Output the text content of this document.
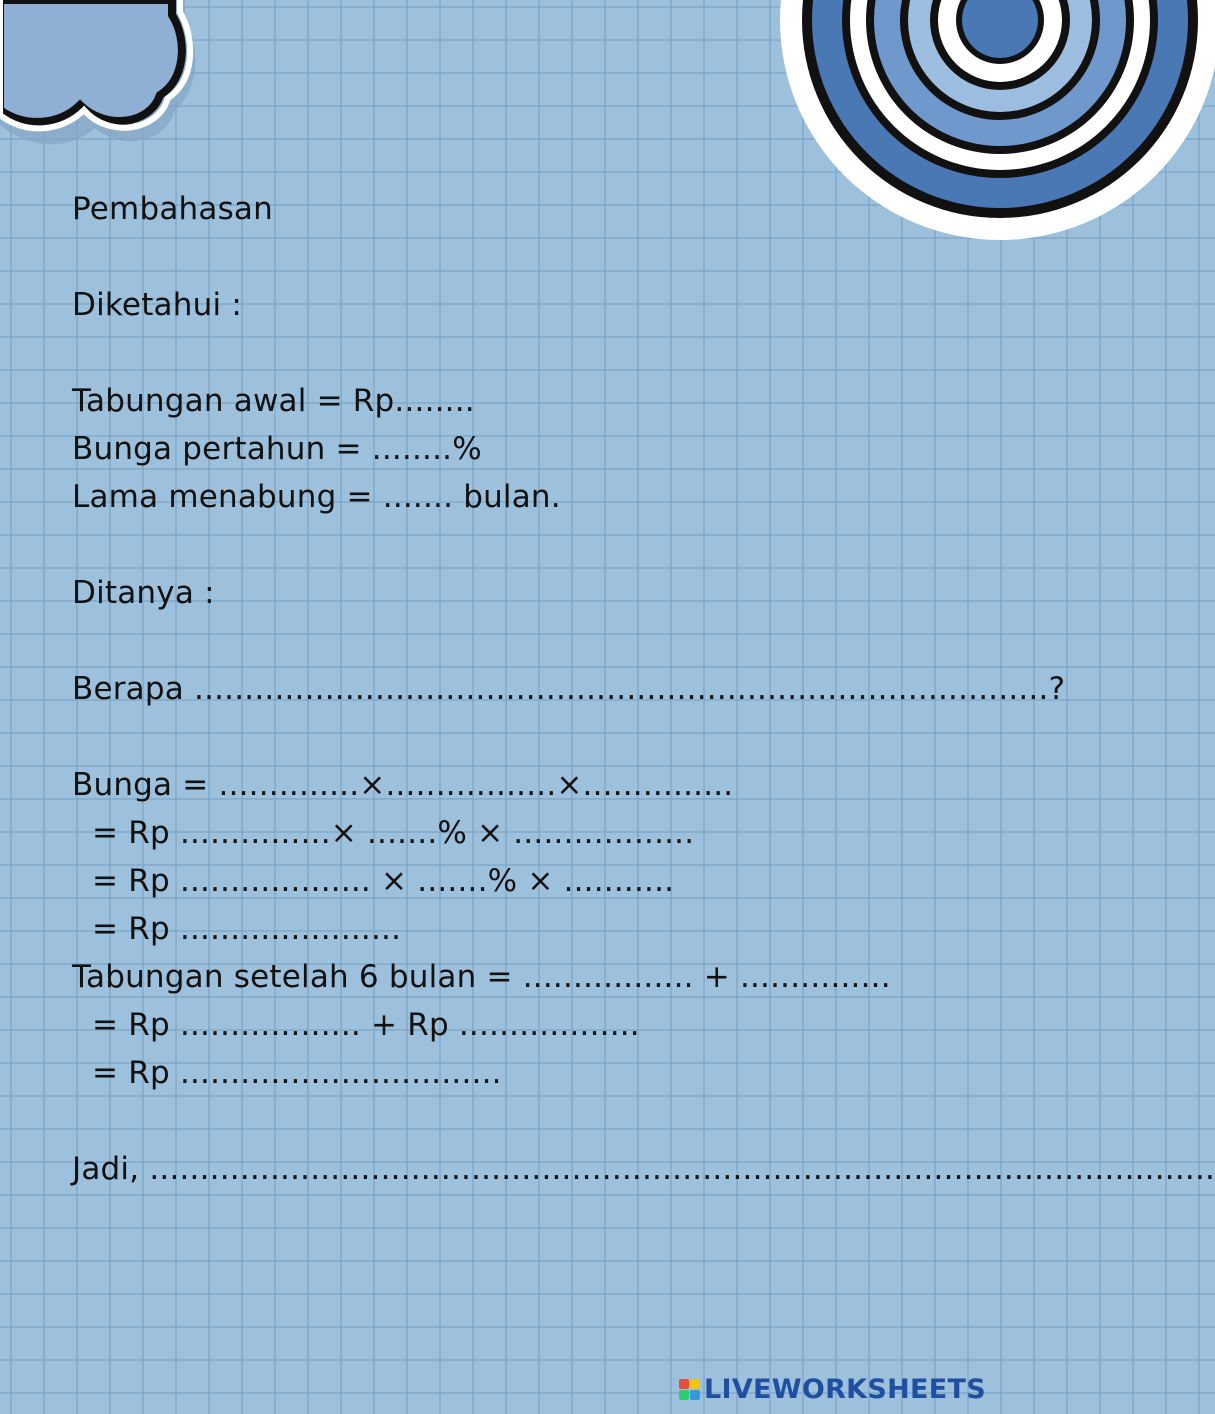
Pembahasan
Diketahui :
Tabungan awal = Rp........
Bunga pertahun = ........%
Lama menabung = ....... bulan.
Ditanya :
Berapa .....................................................................................?
Bunga = ..............×.................×...............
= Rp ...............× .......% × ..................
= Rp ................... × .......% × ...........
= Rp ......................
Tabungan setelah 6 bulan = ................. + ...............
= Rp .................. + Rp ..................
= Rp ................................
Jadi, ..........................................................................................................
LIVEWORKSHEETS
